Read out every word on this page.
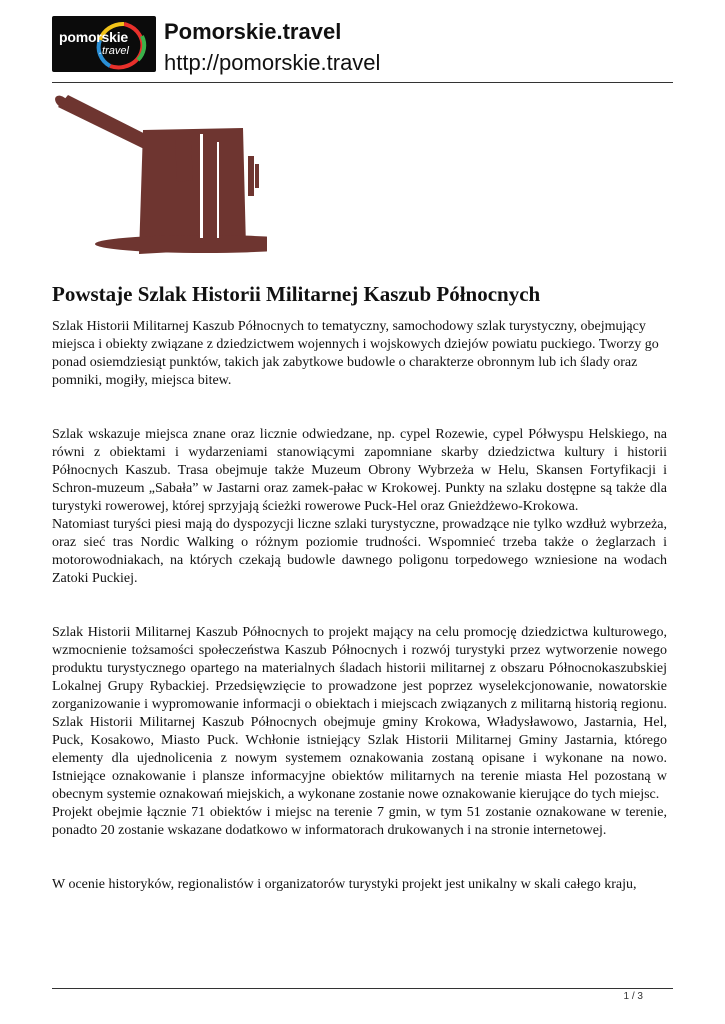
pomorskie
.travel
Pomorskie.travel
http://pomorskie.travel
Powstaje Szlak Historii Militarnej Kaszub Północnych

Szlak Historii Militarnej Kaszub Północnych to tematyczny, samochodowy szlak turystyczny, obejmujący miejsca i obiekty związane z dziedzictwem wojennych i wojskowych dziejów powiatu puckiego. Tworzy go ponad osiemdziesiąt punktów, takich jak zabytkowe budowle o charakterze obronnym lub ich ślady oraz pomniki, mogiły, miejsca bitew.

Szlak wskazuje miejsca znane oraz licznie odwiedzane, np. cypel Rozewie, cypel Półwyspu Helskiego, na równi z obiektami i wydarzeniami stanowiącymi zapomniane skarby dziedzictwa kultury i historii Północnych Kaszub. Trasa obejmuje także Muzeum Obrony Wybrzeża w Helu, Skansen Fortyfikacji i Schron-muzeum „Sabała” w Jastarni oraz zamek-pałac w Krokowej. Punkty na szlaku dostępne są także dla turystyki rowerowej, której sprzyjają ścieżki rowerowe Puck-Hel oraz Gnieżdżewo-Krokowa.

Natomiast turyści piesi mają do dyspozycji liczne szlaki turystyczne, prowadzące nie tylko wzdłuż wybrzeża, oraz sieć tras Nordic Walking o różnym poziomie trudności. Wspomnieć trzeba także o żeglarzach i motorowodniakach, na których czekają budowle dawnego poligonu torpedowego wzniesione na wodach Zatoki Puckiej.

Szlak Historii Militarnej Kaszub Północnych to projekt mający na celu promocję dziedzictwa kulturowego, wzmocnienie tożsamości społeczeństwa Kaszub Północnych i rozwój turystyki przez wytworzenie nowego produktu turystycznego opartego na materialnych śladach historii militarnej z obszaru Północnokaszubskiej Lokalnej Grupy Rybackiej. Przedsięwzięcie to prowadzone jest poprzez wyselekcjonowanie, nowatorskie zorganizowanie i wypromowanie informacji o obiektach i miejscach związanych z militarną historią regionu. Szlak Historii Militarnej Kaszub Północnych obejmuje gminy Krokowa, Władysławowo, Jastarnia, Hel, Puck, Kosakowo, Miasto Puck. Wchłonie istniejący Szlak Historii Militarnej Gminy Jastarnia, którego elementy dla ujednolicenia z nowym systemem oznakowania zostaną opisane i wykonane na nowo. Istniejące oznakowanie i plansze informacyjne obiektów militarnych na terenie miasta Hel pozostaną w obecnym systemie oznakowań miejskich, a wykonane zostanie nowe oznakowanie kierujące do tych miejsc.

Projekt obejmie łącznie 71 obiektów i miejsc na terenie 7 gmin, w tym 51 zostanie oznakowane w terenie, ponadto 20 zostanie wskazane dodatkowo w informatorach drukowanych i na stronie internetowej.

W ocenie historyków, regionalistów i organizatorów turystyki projekt jest unikalny w skali całego kraju,

1 / 3
